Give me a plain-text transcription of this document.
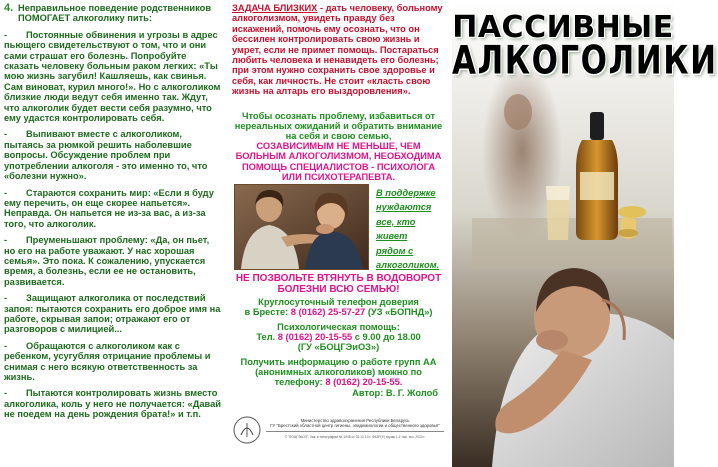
4. Неправильное поведение родственников ПОМОГАЕТ алкоголику пить:
- Постоянные обвинения и угрозы в адрес пьющего свидетельствуют о том, что и они сами страшат его болезнь. Попробуйте сказать человеку больным раком легких: «Ты мою жизнь загубил! Кашляешь, как свинья. Сам виноват, курил много!». Но с алкоголиком близкие люди ведут себя именно так. Ждут, что алкоголик будет вести себя разумно, что ему удастся контролировать себя.
- Выпивают вместе с алкоголиком, пытаясь за рюмкой решить наболевшие вопросы. Обсуждение проблем при употреблении алкоголя - это именно то, что «болезни нужно».
- Стараются сохранить мир: «Если я буду ему перечить, он еще скорее напьется». Неправда. Он напьется не из-за вас, а из-за того, что алкоголик.
- Преуменьшают проблему: «Да, он пьет, но его на работе уважают. У нас хорошая семья». Это пока. К сожалению, упускается время, а болезнь, если ее не остановить, развивается.
- Защищают алкоголика от последствий запоя: пытаются сохранить его доброе имя на работе, скрывая запои; отражают его от разговоров с милицией...
- Обращаются с алкоголиком как с ребенком, усугубляя отрицание проблемы и снимая с него всякую ответственность за жизнь.
- Пытаются контролировать жизнь вместо алкоголика, коль у него не получается: «Давай не поедем на день рождения брата!» и т.п.
ЗАДАЧА БЛИЗКИХ - дать человеку, больному алкоголизмом, увидеть правду без искажений, помочь ему осознать, что он бессилен контролировать свою жизнь и умрет, если не примет помощь. Постараться любить человека и ненавидеть его болезнь; при этом нужно сохранить свое здоровье и себя, как личность. Не стоит «класть свою жизнь на алтарь его выздоровления».
Чтобы осознать проблему, избавиться от нереальных ожиданий и обратить внимание на себя и свою семью,
СОЗАВИСИМЫМ НЕ МЕНЬШЕ, ЧЕМ БОЛЬНЫМ АЛКОГОЛИЗМОМ, НЕОБХОДИМА ПОМОЩЬ СПЕЦИАЛИСТОВ - ПСИХОЛОГА ИЛИ ПСИХОТЕРАПЕВТА.
В поддержке
нуждаются
все, кто живет
рядом с
алкоголиком.
НЕ ПОЗВОЛЬТЕ ВТЯНУТЬ В ВОДОВОРОТ БОЛЕЗНИ ВСЮ СЕМЬЮ!
Круглосуточный телефон доверия
в Бресте: 8 (0162) 25-57-27 (УЗ «БОПНД»)
Психологическая помощь:
Тел. 8 (0162) 20-15-55 с 9.00 до 18.00
(ГУ «БОЦГЭиОЗ»)
Получить информацию о работе групп АА (анонимных алкоголиков) можно по телефону: 8 (0162) 20-15-55.
Автор: В. Г. Жолоб
Министерство здравоохранения Республики Беларусь
ГУ "Брестский областной центр гигиены, эпидемиологии и общественного здоровья"
© "БОЦГЭиОЗ". Зак. в типографии № 1045 от 02.12.10 г. Ф42Р(X) тираж 1.2 тыс. экз. 2010 г.
ПАССИВНЫЕ
АЛКОГОЛИКИ
